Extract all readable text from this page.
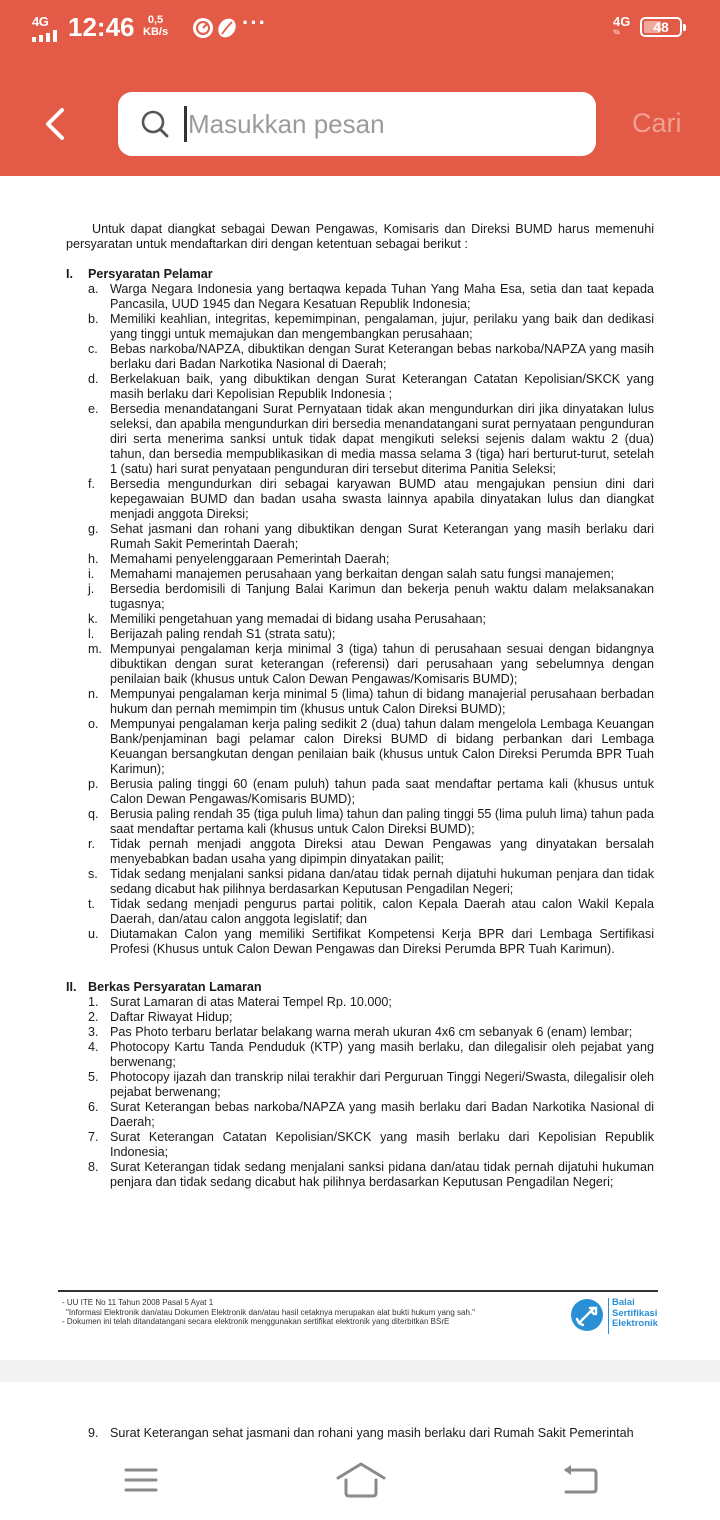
4G 12:46	0,5
KB/s	···	4G
▾▴	48
Masukkan pesan
Cari

Untuk dapat diangkat sebagai Dewan Pengawas, Komisaris dan Direksi BUMD harus memenuhi persyaratan untuk mendaftarkan diri dengan ketentuan sebagai berikut :

I. Persyaratan Pelamar
a. Warga Negara Indonesia yang bertaqwa kepada Tuhan Yang Maha Esa, setia dan taat kepada Pancasila, UUD 1945 dan Negara Kesatuan Republik Indonesia;
b. Memiliki keahlian, integritas, kepemimpinan, pengalaman, jujur, perilaku yang baik dan dedikasi yang tinggi untuk memajukan dan mengembangkan perusahaan;
c. Bebas narkoba/NAPZA, dibuktikan dengan Surat Keterangan bebas narkoba/NAPZA yang masih berlaku dari Badan Narkotika Nasional di Daerah;
d. Berkelakuan baik, yang dibuktikan dengan Surat Keterangan Catatan Kepolisian/SKCK yang masih berlaku dari Kepolisian Republik Indonesia ;
e. Bersedia menandatangani Surat Pernyataan tidak akan mengundurkan diri jika dinyatakan lulus seleksi, dan apabila mengundurkan diri bersedia menandatangani surat pernyataan pengunduran diri serta menerima sanksi untuk tidak dapat mengikuti seleksi sejenis dalam waktu 2 (dua) tahun, dan bersedia mempublikasikan di media massa selama 3 (tiga) hari berturut-turut, setelah 1 (satu) hari surat penyataan pengunduran diri tersebut diterima Panitia Seleksi;
f. Bersedia mengundurkan diri sebagai karyawan BUMD atau mengajukan pensiun dini dari kepegawaian BUMD dan badan usaha swasta lainnya apabila dinyatakan lulus dan diangkat menjadi anggota Direksi;
g. Sehat jasmani dan rohani yang dibuktikan dengan Surat Keterangan yang masih berlaku dari Rumah Sakit Pemerintah Daerah;
h. Memahami penyelenggaraan Pemerintah Daerah;
i. Memahami manajemen perusahaan yang berkaitan dengan salah satu fungsi manajemen;
j. Bersedia berdomisili di Tanjung Balai Karimun dan bekerja penuh waktu dalam melaksanakan tugasnya;
k. Memiliki pengetahuan yang memadai di bidang usaha Perusahaan;
l. Berijazah paling rendah S1 (strata satu);
m. Mempunyai pengalaman kerja minimal 3 (tiga) tahun di perusahaan sesuai dengan bidangnya dibuktikan dengan surat keterangan (referensi) dari perusahaan yang sebelumnya dengan penilaian baik (khusus untuk Calon Dewan Pengawas/Komisaris BUMD);
n. Mempunyai pengalaman kerja minimal 5 (lima) tahun di bidang manajerial perusahaan berbadan hukum dan pernah memimpin tim (khusus untuk Calon Direksi BUMD);
o. Mempunyai pengalaman kerja paling sedikit 2 (dua) tahun dalam mengelola Lembaga Keuangan Bank/penjaminan bagi pelamar calon Direksi BUMD di bidang perbankan dari Lembaga Keuangan bersangkutan dengan penilaian baik (khusus untuk Calon Direksi Perumda BPR Tuah Karimun);
p. Berusia paling tinggi 60 (enam puluh) tahun pada saat mendaftar pertama kali (khusus untuk Calon Dewan Pengawas/Komisaris BUMD);
q. Berusia paling rendah 35 (tiga puluh lima) tahun dan paling tinggi 55 (lima puluh lima) tahun pada saat mendaftar pertama kali (khusus untuk Calon Direksi BUMD);
r. Tidak pernah menjadi anggota Direksi atau Dewan Pengawas yang dinyatakan bersalah menyebabkan badan usaha yang dipimpin dinyatakan pailit;
s. Tidak sedang menjalani sanksi pidana dan/atau tidak pernah dijatuhi hukuman penjara dan tidak sedang dicabut hak pilihnya berdasarkan Keputusan Pengadilan Negeri;
t. Tidak sedang menjadi pengurus partai politik, calon Kepala Daerah atau calon Wakil Kepala Daerah, dan/atau calon anggota legislatif; dan
u. Diutamakan Calon yang memiliki Sertifikat Kompetensi Kerja BPR dari Lembaga Sertifikasi Profesi (Khusus untuk Calon Dewan Pengawas dan Direksi Perumda BPR Tuah Karimun).
II. Berkas Persyaratan Lamaran
1. Surat Lamaran di atas Materai Tempel Rp. 10.000;
2. Daftar Riwayat Hidup;
3. Pas Photo terbaru berlatar belakang warna merah ukuran 4x6 cm sebanyak 6 (enam) lembar;
4. Photocopy Kartu Tanda Penduduk (KTP) yang masih berlaku, dan dilegalisir oleh pejabat yang berwenang;
5. Photocopy ijazah dan transkrip nilai terakhir dari Perguruan Tinggi Negeri/Swasta, dilegalisir oleh pejabat berwenang;
6. Surat Keterangan bebas narkoba/NAPZA yang masih berlaku dari Badan Narkotika Nasional di Daerah;
7. Surat Keterangan Catatan Kepolisian/SKCK yang masih berlaku dari Kepolisian Republik Indonesia;
8. Surat Keterangan tidak sedang menjalani sanksi pidana dan/atau tidak pernah dijatuhi hukuman penjara dan tidak sedang dicabut hak pilihnya berdasarkan Keputusan Pengadilan Negeri;
- UU ITE No 11 Tahun 2008 Pasal 5 Ayat 1
"Informasi Elektronik dan/atau Dokumen Elektronik dan/atau hasil cetaknya merupakan alat bukti hukum yang sah."
- Dokumen ini telah ditandatangani secara elektronik menggunakan sertifikat elektronik yang diterbitkan BSrE
Balai
Sertifikasi
Elektronik
9. Surat Keterangan sehat jasmani dan rohani yang masih berlaku dari Rumah Sakit Pemerintah
